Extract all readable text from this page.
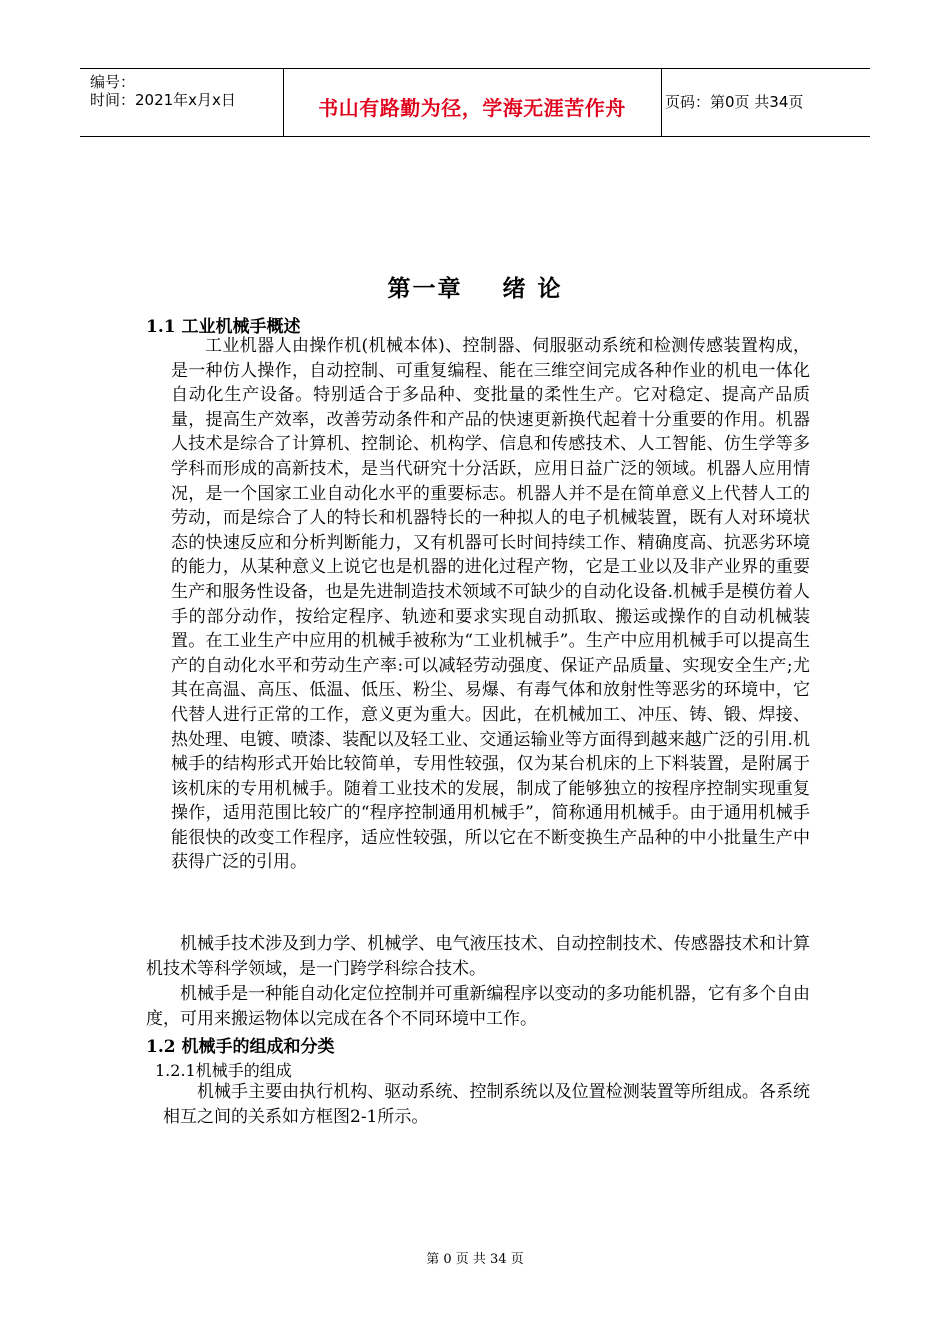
编号：
时间：2021年x月x日	书山有路勤为径，学海无涯苦作舟	页码：第0页 共34页
第一章 绪 论
1.1 工业机械手概述

工业机器人由操作机(机械本体)、控制器、伺服驱动系统和检测传感装置构成，是一种仿人操作，自动控制、可重复编程、能在三维空间完成各种作业的机电一体化自动化生产设备。特别适合于多品种、变批量的柔性生产。它对稳定、提高产品质量，提高生产效率，改善劳动条件和产品的快速更新换代起着十分重要的作用。机器人技术是综合了计算机、控制论、机构学、信息和传感技术、人工智能、仿生学等多学科而形成的高新技术，是当代研究十分活跃，应用日益广泛的领域。机器人应用情况，是一个国家工业自动化水平的重要标志。机器人并不是在简单意义上代替人工的劳动，而是综合了人的特长和机器特长的一种拟人的电子机械装置，既有人对环境状态的快速反应和分析判断能力，又有机器可长时间持续工作、精确度高、抗恶劣环境的能力，从某种意义上说它也是机器的进化过程产物，它是工业以及非产业界的重要生产和服务性设备，也是先进制造技术领域不可缺少的自动化设备.机械手是模仿着人手的部分动作，按给定程序、轨迹和要求实现自动抓取、搬运或操作的自动机械装置。在工业生产中应用的机械手被称为“工业机械手”。生产中应用机械手可以提高生产的自动化水平和劳动生产率:可以减轻劳动强度、保证产品质量、实现安全生产;尤其在高温、高压、低温、低压、粉尘、易爆、有毒气体和放射性等恶劣的环境中，它代替人进行正常的工作，意义更为重大。因此，在机械加工、冲压、铸、锻、焊接、热处理、电镀、喷漆、装配以及轻工业、交通运输业等方面得到越来越广泛的引用.机械手的结构形式开始比较简单，专用性较强，仅为某台机床的上下料装置，是附属于该机床的专用机械手。随着工业技术的发展，制成了能够独立的按程序控制实现重复操作，适用范围比较广的“程序控制通用机械手”，简称通用机械手。由于通用机械手能很快的改变工作程序，适应性较强，所以它在不断变换生产品种的中小批量生产中获得广泛的引用。

机械手技术涉及到力学、机械学、电气液压技术、自动控制技术、传感器技术和计算机技术等科学领域，是一门跨学科综合技术。

机械手是一种能自动化定位控制并可重新编程序以变动的多功能机器，它有多个自由度，可用来搬运物体以完成在各个不同环境中工作。

1.2 机械手的组成和分类
1.2.1机械手的组成

机械手主要由执行机构、驱动系统、控制系统以及位置检测装置等所组成。各系统相互之间的关系如方框图2-1所示。

第 0 页 共 34 页
